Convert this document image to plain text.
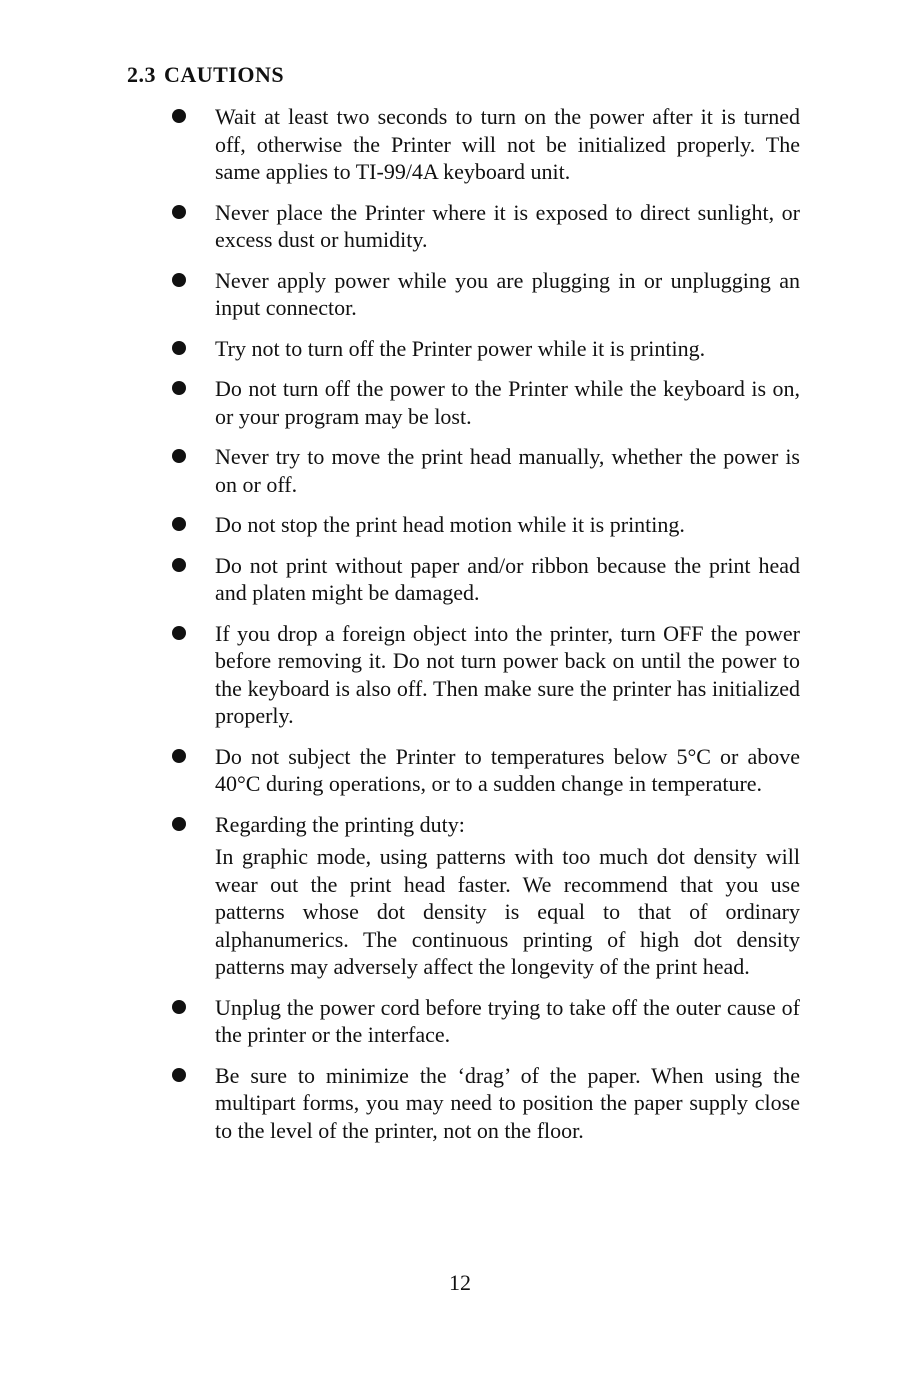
2.3 CAUTIONS
Wait at least two seconds to turn on the power after it is turned off, otherwise the Printer will not be initialized properly. The same applies to TI-99/4A keyboard unit.
Never place the Printer where it is exposed to direct sunlight, or excess dust or humidity.
Never apply power while you are plugging in or unplugging an input connector.
Try not to turn off the Printer power while it is printing.
Do not turn off the power to the Printer while the keyboard is on, or your program may be lost.
Never try to move the print head manually, whether the power is on or off.
Do not stop the print head motion while it is printing.
Do not print without paper and/or ribbon because the print head and platen might be damaged.
If you drop a foreign object into the printer, turn OFF the power before removing it. Do not turn power back on until the power to the keyboard is also off. Then make sure the printer has initialized properly.
Do not subject the Printer to temperatures below 5°C or above 40°C during operations, or to a sudden change in temperature.
Regarding the printing duty:
In graphic mode, using patterns with too much dot density will wear out the print head faster. We recommend that you use patterns whose dot density is equal to that of ordinary alphanumerics. The continuous printing of high dot density patterns may adversely affect the longevity of the print head.
Unplug the power cord before trying to take off the outer cause of the printer or the interface.
Be sure to minimize the ‘drag’ of the paper. When using the multipart forms, you may need to position the paper supply close to the level of the printer, not on the floor.
12
